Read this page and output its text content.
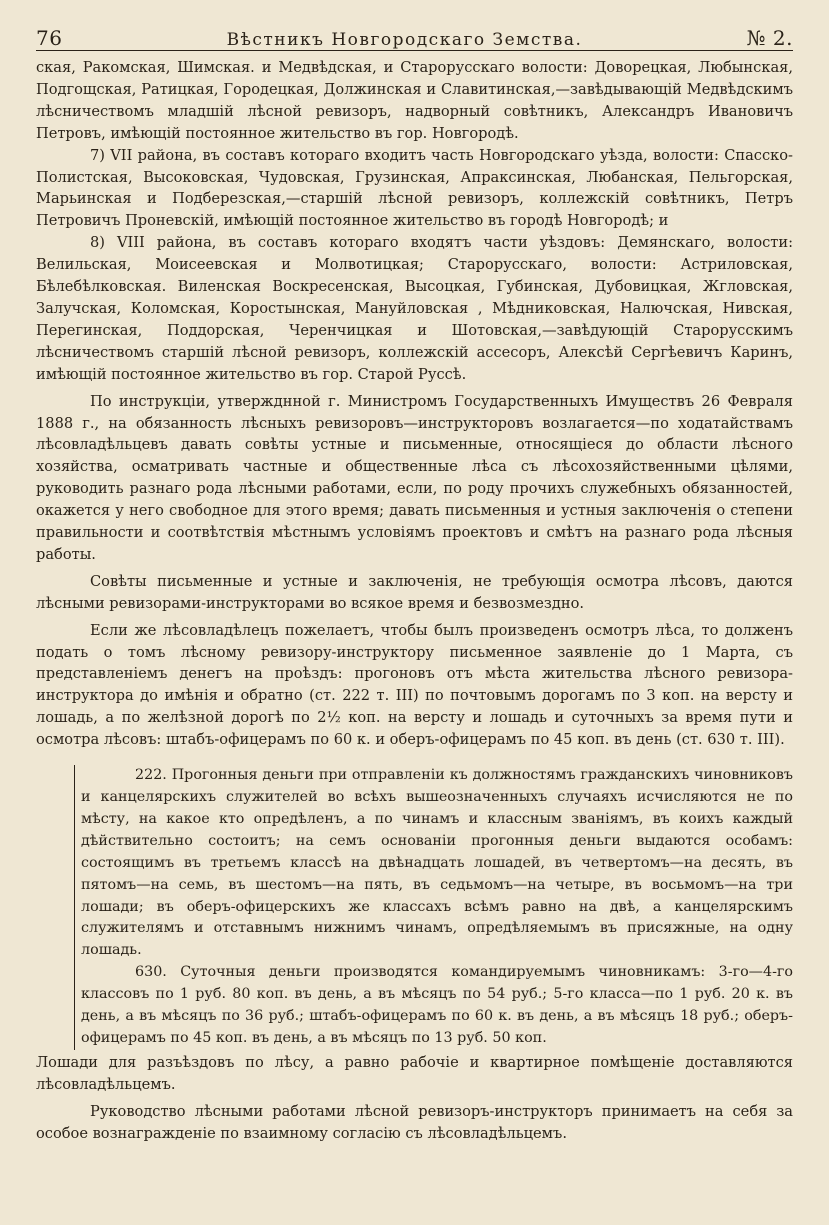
76	Вѣстникъ Новгородскаго Земства.	№ 2.

ская, Ракомская, Шимская. и Медвѣдская, и Старорусскаго волости: Доворецкая, Любынская, Подгощская, Ратицкая, Городецкая, Должинская и Славитинская,—завѣдывающій Медвѣдскимъ лѣсничествомъ младшій лѣсной ревизоръ, надворный совѣтникъ, Александръ Ивановичъ Петровъ, имѣющій постоянное жительство въ гор. Новгородѣ.

7) VII района, въ составъ котораго входитъ часть Новгородскаго уѣзда, волости: Спасско-Полистская, Высоковская, Чудовская, Грузинская, Апраксинская, Любанская, Пельгорская, Марьинская и Подберезская,—старшій лѣсной ревизоръ, коллежскій совѣтникъ, Петръ Петровичъ Проневскій, имѣющій постоянное жительство въ городѣ Новгородѣ; и

8) VIII района, въ составъ котораго входятъ части уѣздовъ: Демянскаго, волости: Велильская, Моисеевская и Молвотицкая; Старорусскаго, волости: Астриловская, Бѣлебѣлковская. Виленская Воскресенская, Высоцкая, Губинская, Дубовицкая, Жгловская, Залучская, Коломская, Коростынская, Мануйловская , Мѣдниковская, Налючская, Нивская, Перегинская, Поддорская, Черенчицкая и Шотовская,—завѣдующій Старорусскимъ лѣсничествомъ старшій лѣсной ревизоръ, коллежскій ассесоръ, Алексѣй Сергѣевичъ Каринъ, имѣющій постоянное жительство въ гор. Старой Руссѣ.

По инструкціи, утвержднной г. Министромъ Государственныхъ Имуществъ 26 Февраля 1888 г., на обязанность лѣсныхъ ревизоровъ—инструкторовъ возлагается—по ходатайствамъ лѣсовладѣльцевъ давать совѣты устные и письменные, относящіеся до области лѣсного хозяйства, осматривать частные и общественные лѣса съ лѣсохозяйственными цѣлями, руководить разнаго рода лѣсными работами, если, по роду прочихъ служебныхъ обязанностей, окажется у него свободное для этого время; давать письменныя и устныя заключенія о степени правильности и соотвѣтствія мѣстнымъ условіямъ проектовъ и смѣтъ на разнаго рода лѣсныя работы.

Совѣты письменные и устные и заключенія, не требующія осмотра лѣсовъ, даются лѣсными ревизорами-инструкторами во всякое время и безвозмездно.

Если же лѣсовладѣлецъ пожелаетъ, чтобы былъ произведенъ осмотръ лѣса, то долженъ подать о томъ лѣсному ревизору-инструктору письменное заявленіе до 1 Марта, съ представленіемъ денегъ на проѣздъ: прогоновъ отъ мѣста жительства лѣсного ревизора-инструктора до имѣнія и обратно (ст. 222 т. III) по почтовымъ дорогамъ по 3 коп. на версту и лошадь, а по желѣзной дорогѣ по 2½ коп. на версту и лошадь и суточныхъ за время пути и осмотра лѣсовъ: штабъ-офицерамъ по 60 к. и оберъ-офицерамъ по 45 коп. въ день (ст. 630 т. III).

222. Прогонныя деньги при отправленіи къ должностямъ гражданскихъ чиновниковъ и канцелярскихъ служителей во всѣхъ вышеозначенныхъ случаяхъ исчисляются не по мѣсту, на какое кто опредѣленъ, а по чинамъ и классным званіямъ, въ коихъ каждый дѣйствительно состоитъ; на семъ основаніи прогонныя деньги выдаются особамъ: состоящимъ въ третьемъ классѣ на двѣнадцать лошадей, въ четвертомъ—на десять, въ пятомъ—на семь, въ шестомъ—на пять, въ седьмомъ—на четыре, въ восьмомъ—на три лошади; въ оберъ-офицерскихъ же классахъ всѣмъ равно на двѣ, а канцелярскимъ служителямъ и отставнымъ нижнимъ чинамъ, опредѣляемымъ въ присяжные, на одну лошадь.

630. Суточныя деньги производятся командируемымъ чиновникамъ: 3-го—4-го классовъ по 1 руб. 80 коп. въ день, а въ мѣсяцъ по 54 руб.; 5-го класса—по 1 руб. 20 к. въ день, а въ мѣсяцъ по 36 руб.; штабъ-офицерамъ по 60 к. въ день, а въ мѣсяцъ 18 руб.; оберъ-офицерамъ по 45 коп. въ день, а въ мѣсяцъ по 13 руб. 50 коп.

Лошади для разъѣздовъ по лѣсу, а равно рабочіе и квартирное помѣщеніе доставляются лѣсовладѣльцемъ.

Руководство лѣсными работами лѣсной ревизоръ-инструкторъ принимаетъ на себя за особое вознагражденіе по взаимному согласію съ лѣсовладѣльцемъ.
